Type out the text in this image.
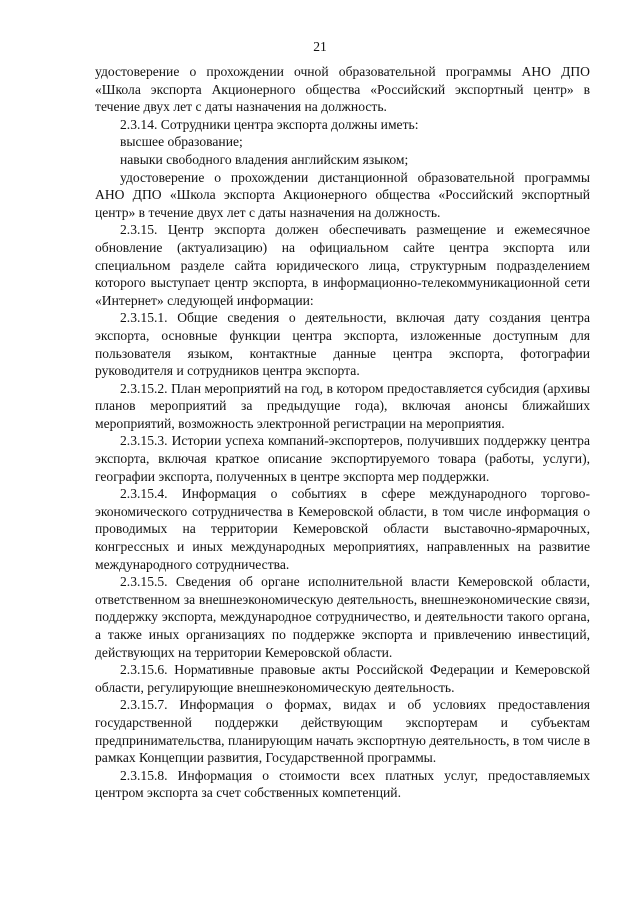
21

удостоверение о прохождении очной образовательной программы АНО ДПО «Школа экспорта Акционерного общества «Российский экспортный центр» в течение двух лет с даты назначения на должность.

2.3.14. Сотрудники центра экспорта должны иметь:

высшее образование;

навыки свободного владения английским языком;

удостоверение о прохождении дистанционной образовательной программы АНО ДПО «Школа экспорта Акционерного общества «Российский экспортный центр» в течение двух лет с даты назначения на должность.

2.3.15. Центр экспорта должен обеспечивать размещение и ежемесячное обновление (актуализацию) на официальном сайте центра экспорта или специальном разделе сайта юридического лица, структурным подразделением которого выступает центр экспорта, в информационно-телекоммуникационной сети «Интернет» следующей информации:

2.3.15.1. Общие сведения о деятельности, включая дату создания центра экспорта, основные функции центра экспорта, изложенные доступным для пользователя языком, контактные данные центра экспорта, фотографии руководителя и сотрудников центра экспорта.

2.3.15.2. План мероприятий на год, в котором предоставляется субсидия (архивы планов мероприятий за предыдущие года), включая анонсы ближайших мероприятий, возможность электронной регистрации на мероприятия.

2.3.15.3. Истории успеха компаний-экспортеров, получивших поддержку центра экспорта, включая краткое описание экспортируемого товара (работы, услуги), географии экспорта, полученных в центре экспорта мер поддержки.

2.3.15.4. Информация о событиях в сфере международного торгово-экономического сотрудничества в Кемеровской области, в том числе информация о проводимых на территории Кемеровской области выставочно-ярмарочных, конгрессных и иных международных мероприятиях, направленных на развитие международного сотрудничества.

2.3.15.5. Сведения об органе исполнительной власти Кемеровской области, ответственном за внешнеэкономическую деятельность, внешнеэкономические связи, поддержку экспорта, международное сотрудничество, и деятельности такого органа, а также иных организациях по поддержке экспорта и привлечению инвестиций, действующих на территории Кемеровской области.

2.3.15.6. Нормативные правовые акты Российской Федерации и Кемеровской области, регулирующие внешнеэкономическую деятельность.

2.3.15.7. Информация о формах, видах и об условиях предоставления государственной поддержки действующим экспортерам и субъектам предпринимательства, планирующим начать экспортную деятельность, в том числе в рамках Концепции развития, Государственной программы.

2.3.15.8. Информация о стоимости всех платных услуг, предоставляемых центром экспорта за счет собственных компетенций.
